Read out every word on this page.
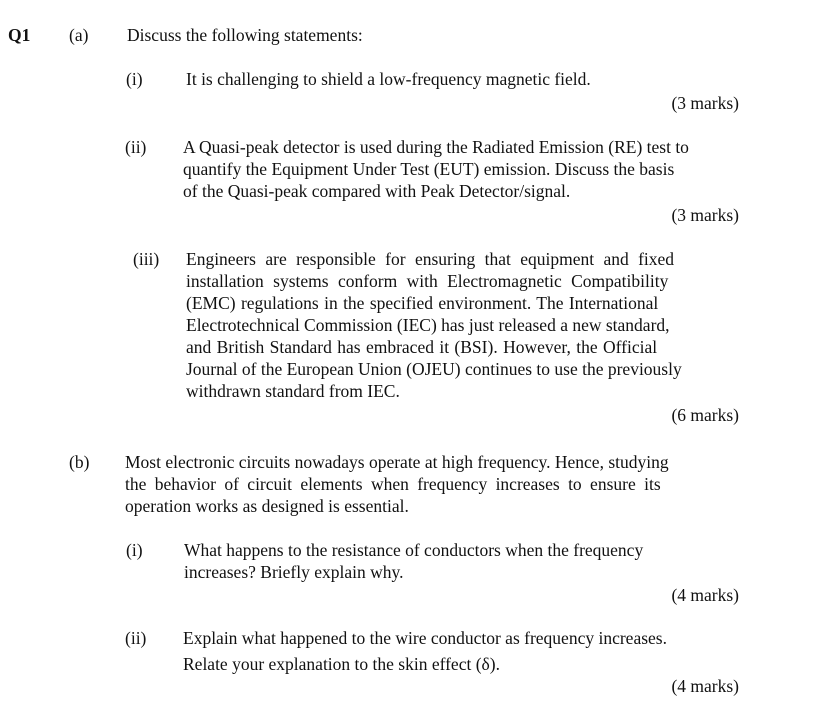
Q1 (a) Discuss the following statements:
(i) It is challenging to shield a low-frequency magnetic field.
(3 marks)
(ii) A Quasi-peak detector is used during the Radiated Emission (RE) test to
quantify the Equipment Under Test (EUT) emission. Discuss the basis
of the Quasi-peak compared with Peak Detector/signal.
(3 marks)
(iii) Engineers are responsible for ensuring that equipment and fixed
installation systems conform with Electromagnetic Compatibility
(EMC) regulations in the specified environment. The International
Electrotechnical Commission (IEC) has just released a new standard,
and British Standard has embraced it (BSI). However, the Official
Journal of the European Union (OJEU) continues to use the previously
withdrawn standard from IEC.
(6 marks)
(b) Most electronic circuits nowadays operate at high frequency. Hence, studying
the behavior of circuit elements when frequency increases to ensure its
operation works as designed is essential.
(i) What happens to the resistance of conductors when the frequency
increases? Briefly explain why.
(4 marks)
(ii) Explain what happened to the wire conductor as frequency increases.
Relate your explanation to the skin effect (δ).
(4 marks)
